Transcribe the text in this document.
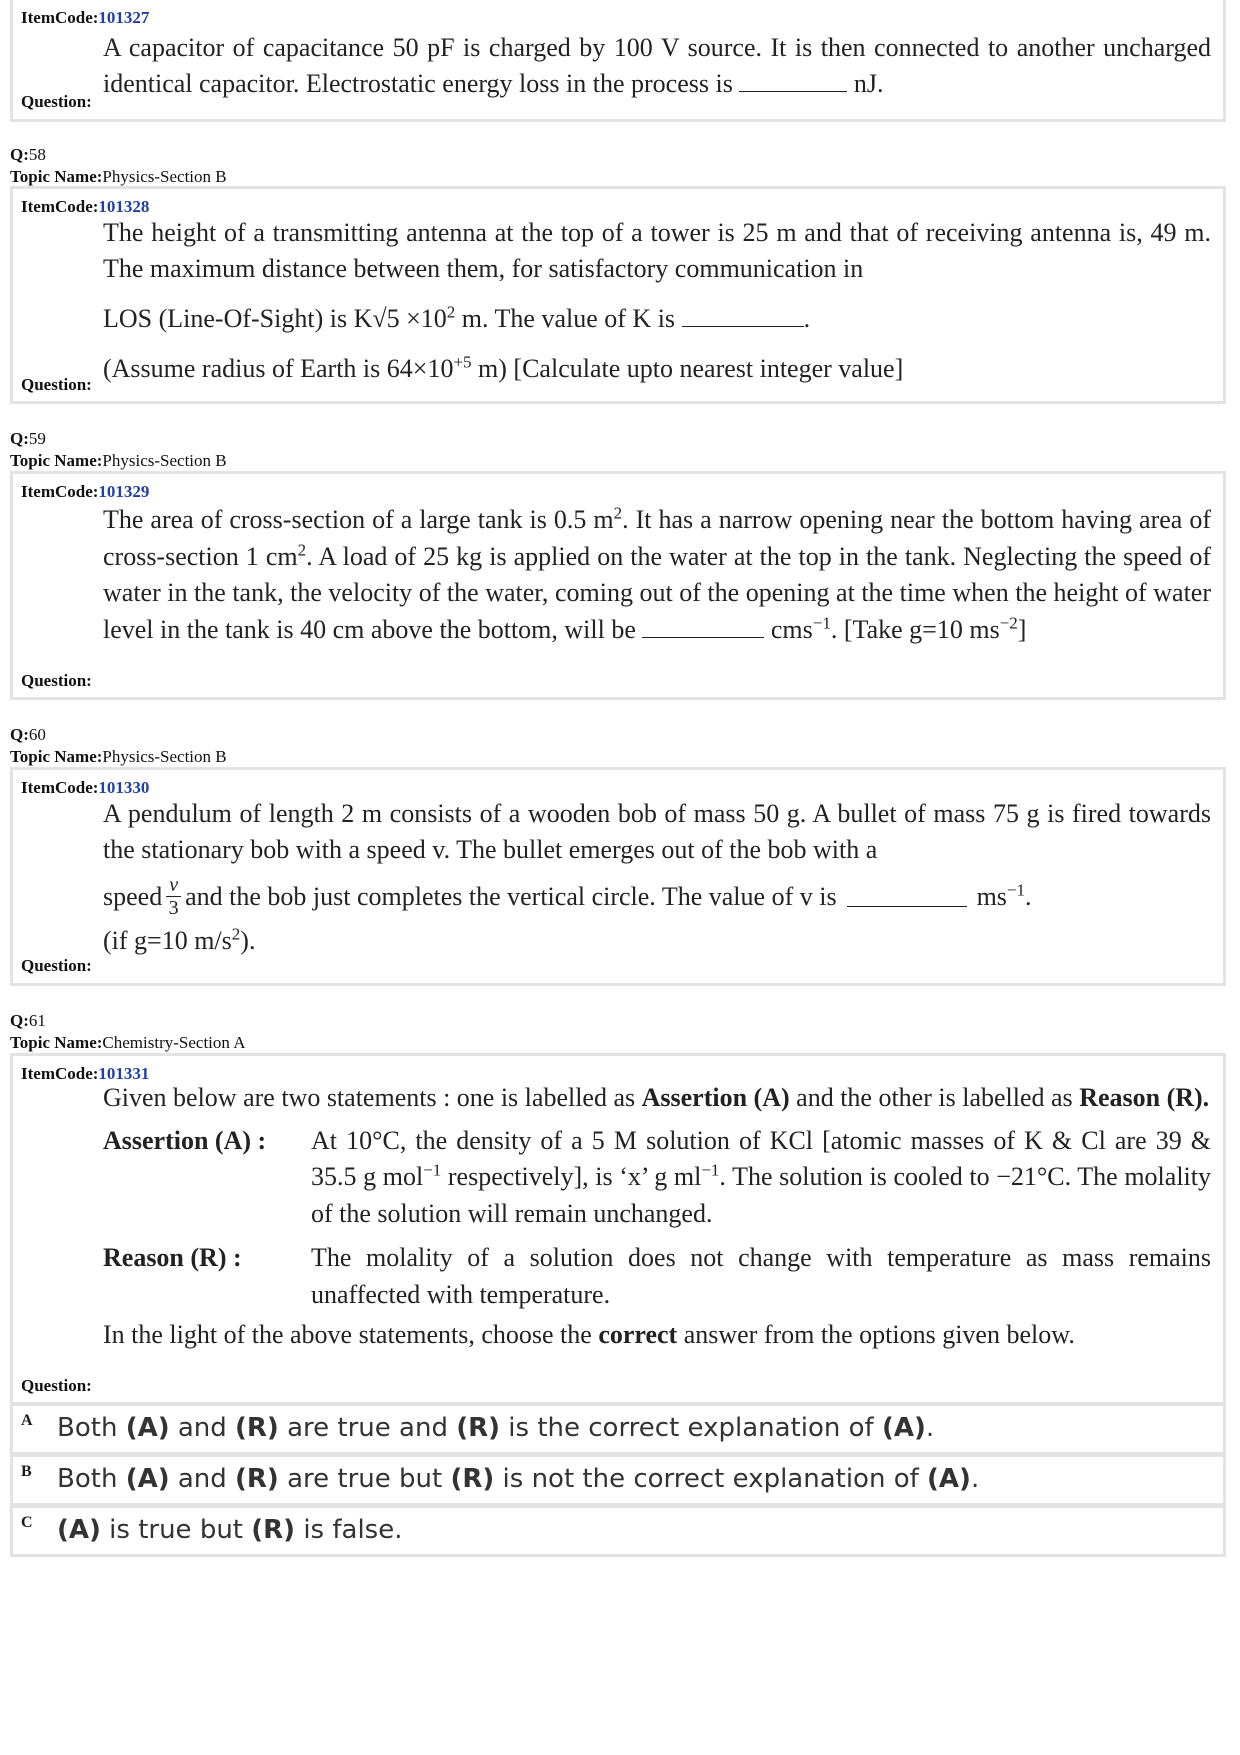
ItemCode:101327
A capacitor of capacitance 50 pF is charged by 100 V source. It is then connected to another uncharged identical capacitor. Electrostatic energy loss in the process is	nJ.
Question:
Q:58
Topic Name:Physics-Section B
ItemCode:101328

The height of a transmitting antenna at the top of a tower is 25 m and that of receiving antenna is, 49 m. The maximum distance between them, for satisfactory communication in

LOS (Line-Of-Sight) is $K√5 \times 10^2$ m. The value of K is	.

(Assume radius of Earth is $64\times 10^{+5}$ m) [Calculate upto nearest integer value]

Question:
Q:59
Topic Name:Physics-Section B
ItemCode:101329
The area of cross-section of a large tank is 0.5 $m^2$. It has a narrow opening near the bottom having area of cross-section 1 $cm^2$. A load of 25 kg is applied on the water at the top in the tank. Neglecting the speed of water in the tank, the velocity of the water, coming out of the opening at the time when the height of water level in the tank is 40 cm above the bottom, will be	cms$^{-1}$. [Take g=10 $ms^{-2}$]
Question:
Q:60
Topic Name:Physics-Section B
ItemCode:101330

A pendulum of length 2 m consists of a wooden bob of mass 50 g. A bullet of mass 75 g is fired towards the stationary bob with a speed v. The bullet emerges out of the bob with a

speed $\frac{v}{3}$ and the bob just completes the vertical circle. The value of v is	$ms^{-1}$.

(if g=10 $m/s^2$).

Question:
Q:61
Topic Name:Chemistry-Section A
ItemCode:101331

Given below are two statements : one is labelled as Assertion (A) and the other is labelled as Reason (R).

Assertion (A) :	At 10°C, the density of a 5 M solution of KCl [atomic masses of K & Cl are 39 & 35.5 g mol$^{-1}$ respectively], is ‘x’ g $ml^{-1}$. The solution is cooled to −21°C. The molality of the solution will remain unchanged.
Reason (R) :	The molality of a solution does not change with temperature as mass remains unaffected with temperature.

In the light of the above statements, choose the correct answer from the options given below.

Question:
A Both (A) and (R) are true and (R) is the correct explanation of (A).
B Both (A) and (R) are true but (R) is not the correct explanation of (A).
C (A) is true but (R) is false.
